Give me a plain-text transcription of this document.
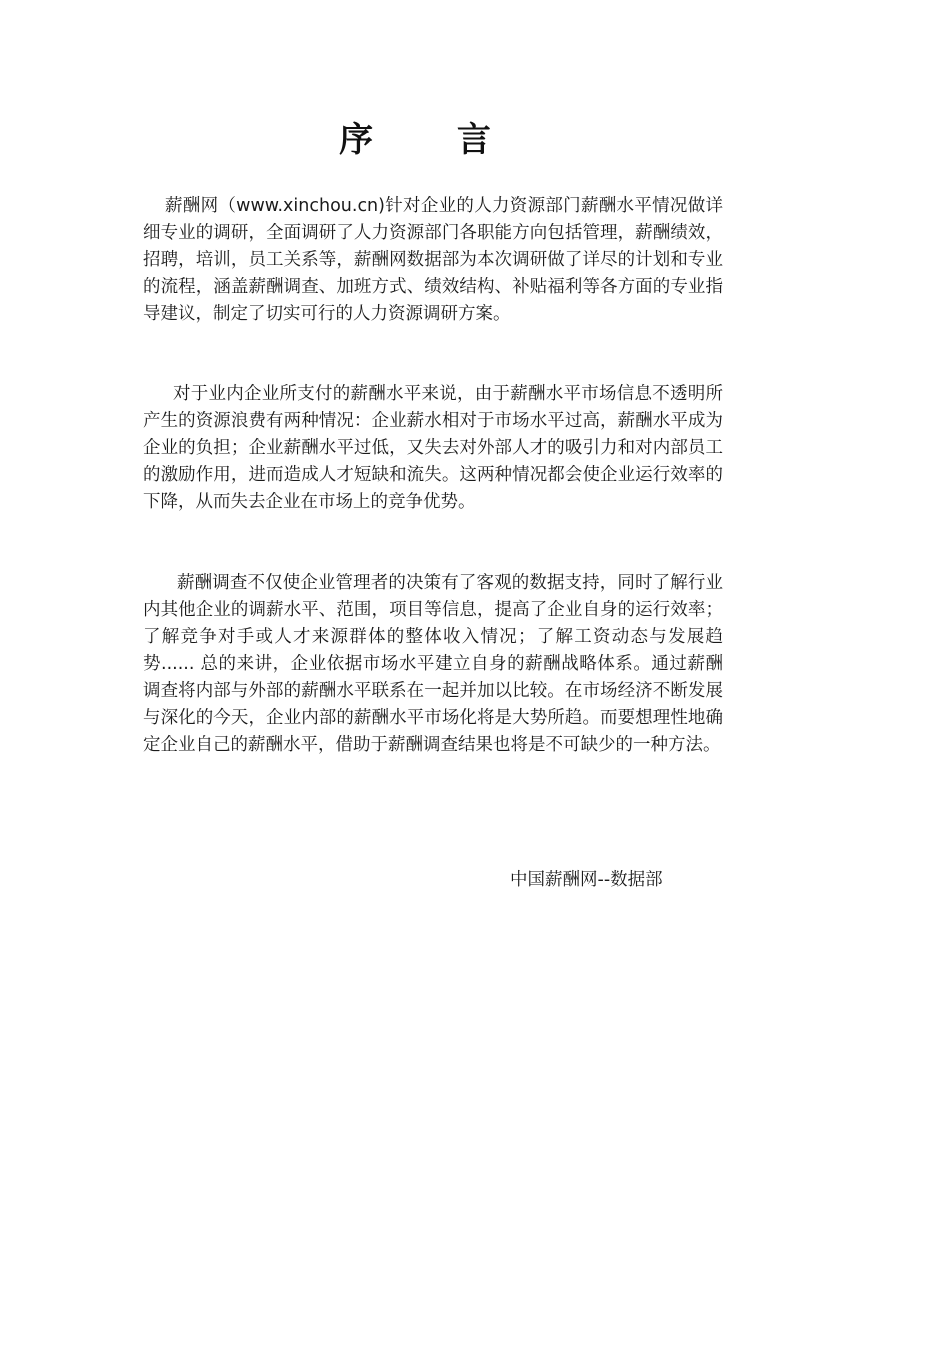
序 言

薪酬网（www.xinchou.cn)针对企业的人力资源部门薪酬水平情况做详细专业的调研，全面调研了人力资源部门各职能方向包括管理，薪酬绩效，招聘，培训，员工关系等，薪酬网数据部为本次调研做了详尽的计划和专业的流程，涵盖薪酬调查、加班方式、绩效结构、补贴福利等各方面的专业指导建议，制定了切实可行的人力资源调研方案。

对于业内企业所支付的薪酬水平来说，由于薪酬水平市场信息不透明所产生的资源浪费有两种情况：企业薪水相对于市场水平过高，薪酬水平成为企业的负担；企业薪酬水平过低，又失去对外部人才的吸引力和对内部员工的激励作用，进而造成人才短缺和流失。这两种情况都会使企业运行效率的下降，从而失去企业在市场上的竞争优势。

薪酬调查不仅使企业管理者的决策有了客观的数据支持，同时了解行业内其他企业的调薪水平、范围，项目等信息，提高了企业自身的运行效率；了解竞争对手或人才来源群体的整体收入情况；了解工资动态与发展趋势...... 总的来讲，企业依据市场水平建立自身的薪酬战略体系。通过薪酬调查将内部与外部的薪酬水平联系在一起并加以比较。在市场经济不断发展与深化的今天，企业内部的薪酬水平市场化将是大势所趋。而要想理性地确定企业自己的薪酬水平，借助于薪酬调查结果也将是不可缺少的一种方法。

中国薪酬网--数据部
